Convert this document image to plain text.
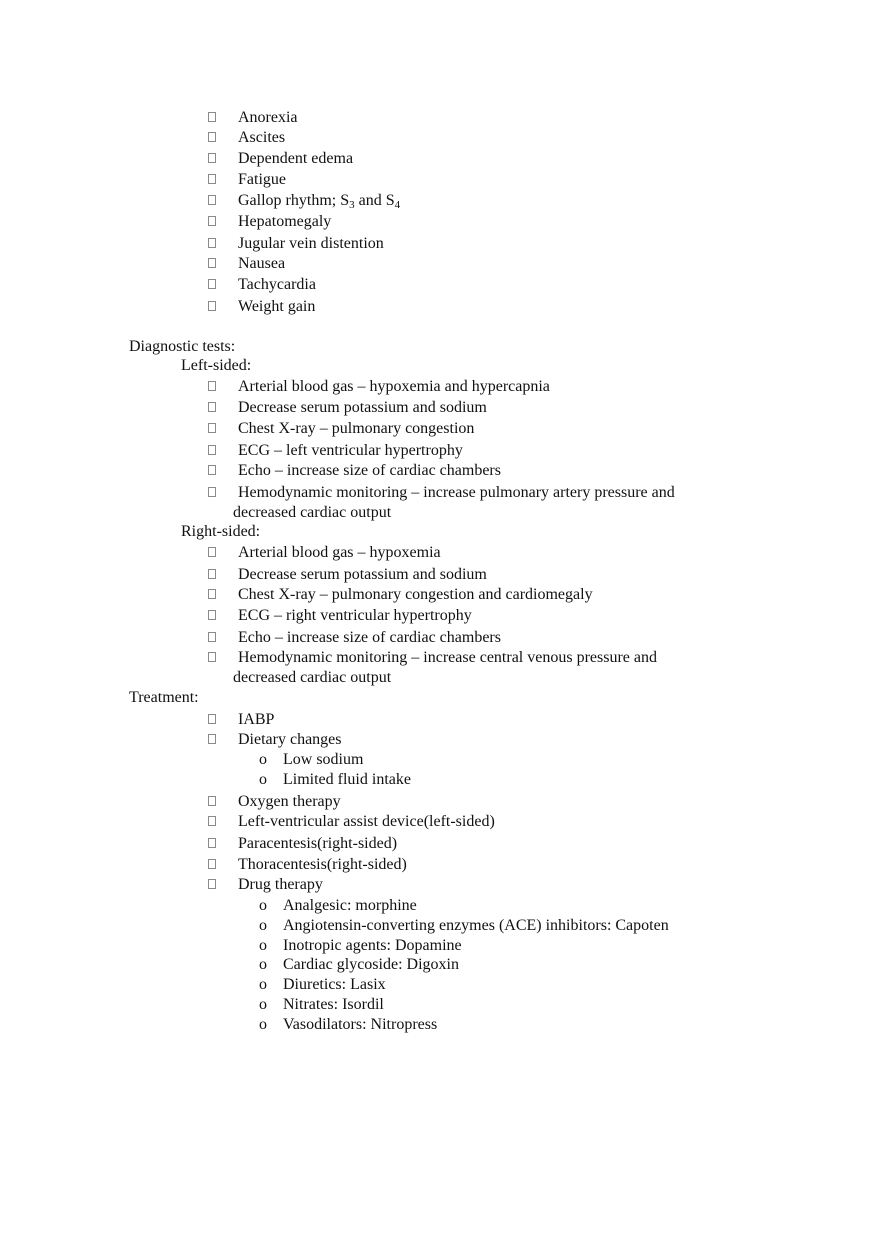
Anorexia
Ascites
Dependent edema
Fatigue
Gallop rhythm; $S_3$ and $S_4$
Hepatomegaly
Jugular vein distention
Nausea
Tachycardia
Weight gain
Diagnostic tests:
Left-sided:
Arterial blood gas – hypoxemia and hypercapnia
Decrease serum potassium and sodium
Chest X-ray – pulmonary congestion
ECG – left ventricular hypertrophy
Echo – increase size of cardiac chambers
Hemodynamic monitoring – increase pulmonary artery pressure and
decreased cardiac output
Right-sided:
Arterial blood gas – hypoxemia
Decrease serum potassium and sodium
Chest X-ray – pulmonary congestion and cardiomegaly
ECG – right ventricular hypertrophy
Echo – increase size of cardiac chambers
Hemodynamic monitoring – increase central venous pressure and
decreased cardiac output
Treatment:
IABP
Dietary changes
o Low sodium
o Limited fluid intake
Oxygen therapy
Left-ventricular assist device(left-sided)
Paracentesis(right-sided)
Thoracentesis(right-sided)
Drug therapy
o Analgesic: morphine
o Angiotensin-converting enzymes (ACE) inhibitors: Capoten
o Inotropic agents: Dopamine
o Cardiac glycoside: Digoxin
o Diuretics: Lasix
o Nitrates: Isordil
o Vasodilators: Nitropress
